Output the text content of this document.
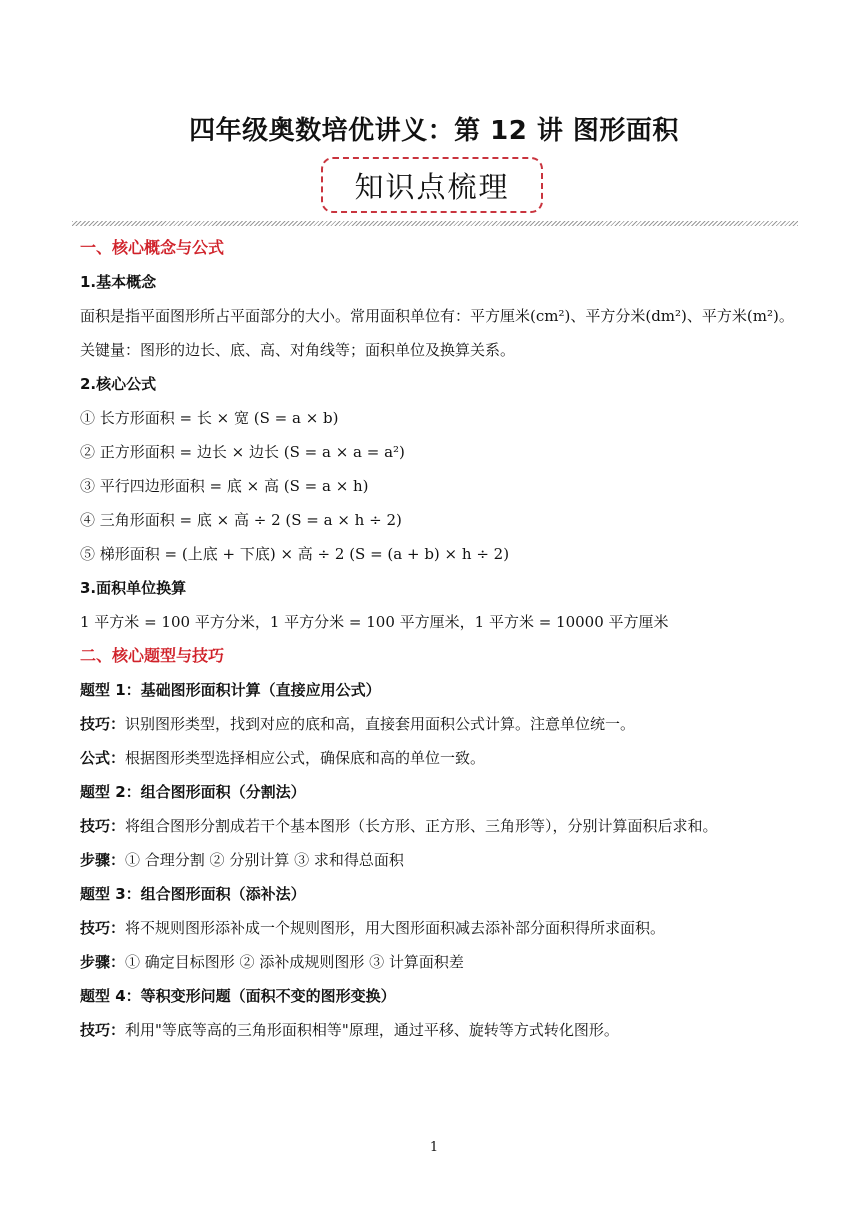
四年级奥数培优讲义：第 12 讲 图形面积
知识点梳理
一、核心概念与公式
1.基本概念
面积是指平面图形所占平面部分的大小。常用面积单位有：平方厘米(cm²)、平方分米(dm²)、平方米(m²)。
关键量：图形的边长、底、高、对角线等；面积单位及换算关系。
2.核心公式
① 长方形面积 = 长 × 宽 (S = a × b)
② 正方形面积 = 边长 × 边长 (S = a × a = a²)
③ 平行四边形面积 = 底 × 高 (S = a × h)
④ 三角形面积 = 底 × 高 ÷ 2 (S = a × h ÷ 2)
⑤ 梯形面积 = (上底 + 下底) × 高 ÷ 2 (S = (a + b) × h ÷ 2)
3.面积单位换算
1 平方米 = 100 平方分米，1 平方分米 = 100 平方厘米，1 平方米 = 10000 平方厘米
二、核心题型与技巧
题型 1：基础图形面积计算（直接应用公式）
技巧：识别图形类型，找到对应的底和高，直接套用面积公式计算。注意单位统一。
公式：根据图形类型选择相应公式，确保底和高的单位一致。
题型 2：组合图形面积（分割法）
技巧：将组合图形分割成若干个基本图形（长方形、正方形、三角形等），分别计算面积后求和。
步骤：① 合理分割 ② 分别计算 ③ 求和得总面积
题型 3：组合图形面积（添补法）
技巧：将不规则图形添补成一个规则图形，用大图形面积减去添补部分面积得所求面积。
步骤：① 确定目标图形 ② 添补成规则图形 ③ 计算面积差
题型 4：等积变形问题（面积不变的图形变换）
技巧：利用"等底等高的三角形面积相等"原理，通过平移、旋转等方式转化图形。
1
